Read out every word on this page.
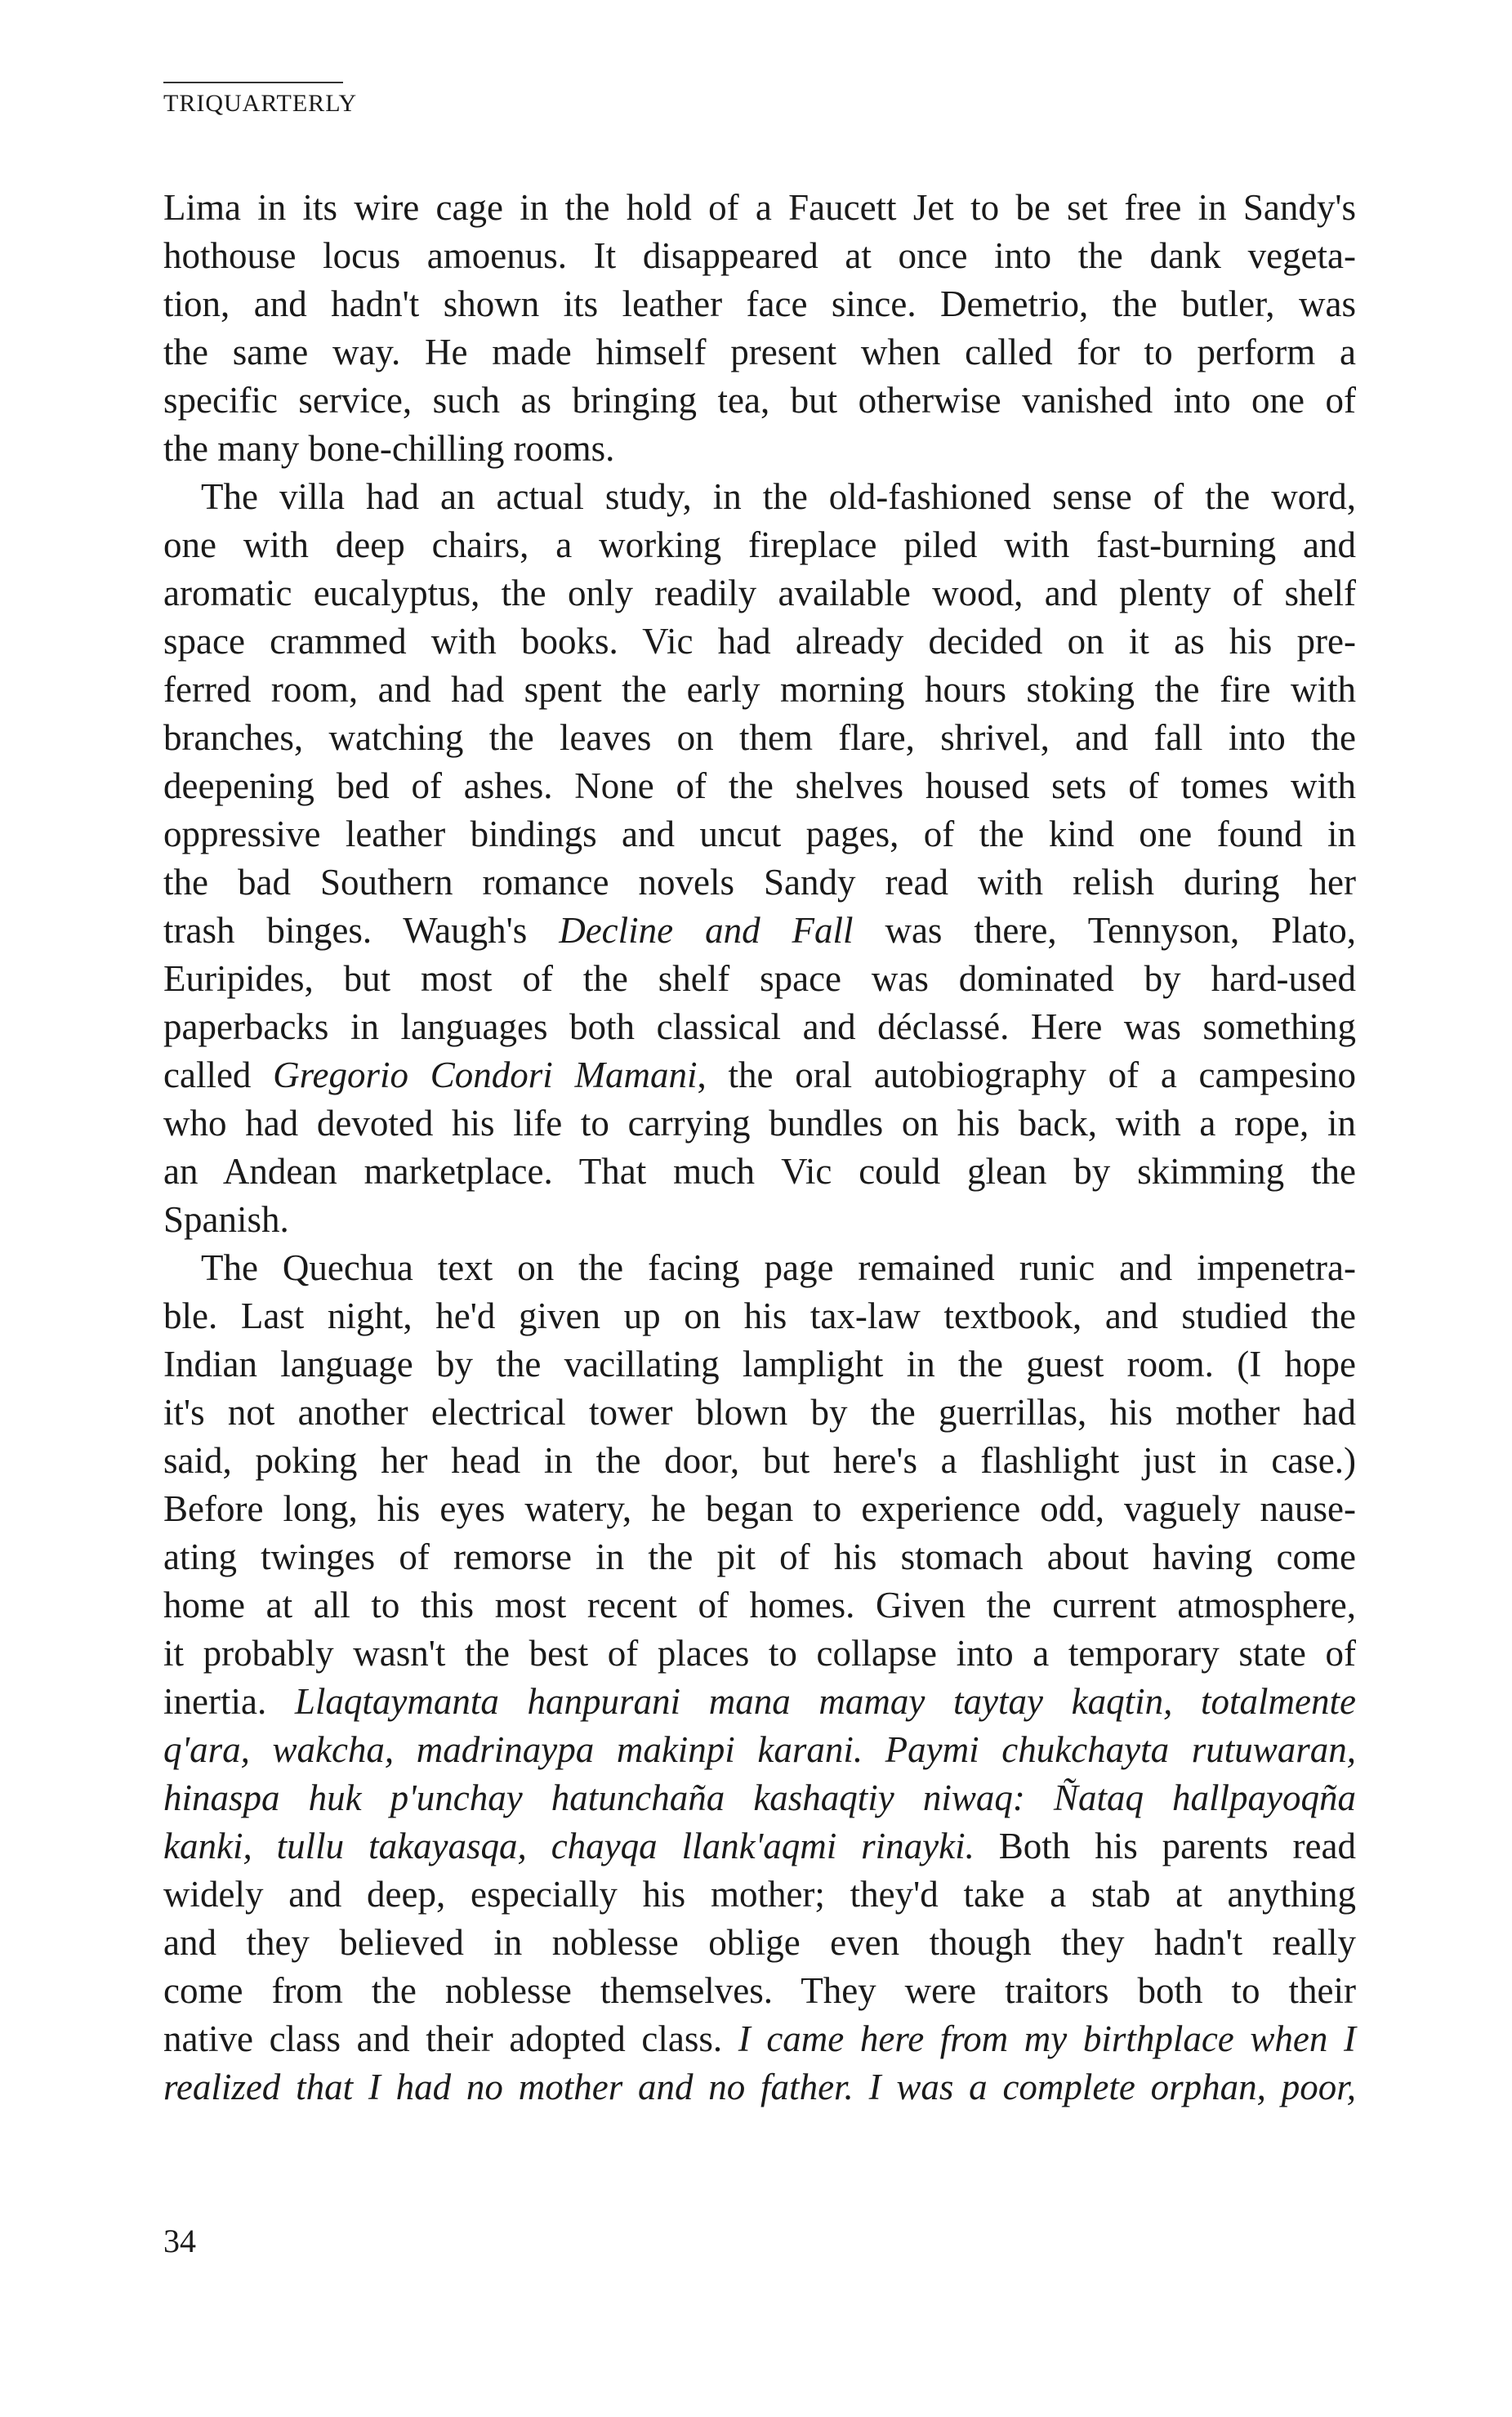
TRIQUARTERLY
Lima in its wire cage in the hold of a Faucett Jet to be set free in Sandy's
hothouse locus amoenus. It disappeared at once into the dank vegeta-
tion, and hadn't shown its leather face since. Demetrio, the butler, was
the same way. He made himself present when called for to perform a
specific service, such as bringing tea, but otherwise vanished into one of
the many bone-chilling rooms.
The villa had an actual study, in the old-fashioned sense of the word,
one with deep chairs, a working fireplace piled with fast-burning and
aromatic eucalyptus, the only readily available wood, and plenty of shelf
space crammed with books. Vic had already decided on it as his pre-
ferred room, and had spent the early morning hours stoking the fire with
branches, watching the leaves on them flare, shrivel, and fall into the
deepening bed of ashes. None of the shelves housed sets of tomes with
oppressive leather bindings and uncut pages, of the kind one found in
the bad Southern romance novels Sandy read with relish during her
trash binges. Waugh's Decline and Fall was there, Tennyson, Plato,
Euripides, but most of the shelf space was dominated by hard-used
paperbacks in languages both classical and déclassé. Here was something
called Gregorio Condori Mamani, the oral autobiography of a campesino
who had devoted his life to carrying bundles on his back, with a rope, in
an Andean marketplace. That much Vic could glean by skimming the
Spanish.
The Quechua text on the facing page remained runic and impenetra-
ble. Last night, he'd given up on his tax-law textbook, and studied the
Indian language by the vacillating lamplight in the guest room. (I hope
it's not another electrical tower blown by the guerrillas, his mother had
said, poking her head in the door, but here's a flashlight just in case.)
Before long, his eyes watery, he began to experience odd, vaguely nause-
ating twinges of remorse in the pit of his stomach about having come
home at all to this most recent of homes. Given the current atmosphere,
it probably wasn't the best of places to collapse into a temporary state of
inertia. Llaqtaymanta hanpurani mana mamay taytay kaqtin, totalmente
q'ara, wakcha, madrinaypa makinpi karani. Paymi chukchayta rutuwaran,
hinaspa huk p'unchay hatunchaña kashaqtiy niwaq: Ñataq hallpayoqña
kanki, tullu takayasqa, chayqa llank'aqmi rinayki. Both his parents read
widely and deep, especially his mother; they'd take a stab at anything
and they believed in noblesse oblige even though they hadn't really
come from the noblesse themselves. They were traitors both to their
native class and their adopted class. I came here from my birthplace when I
realized that I had no mother and no father. I was a complete orphan, poor,
34
